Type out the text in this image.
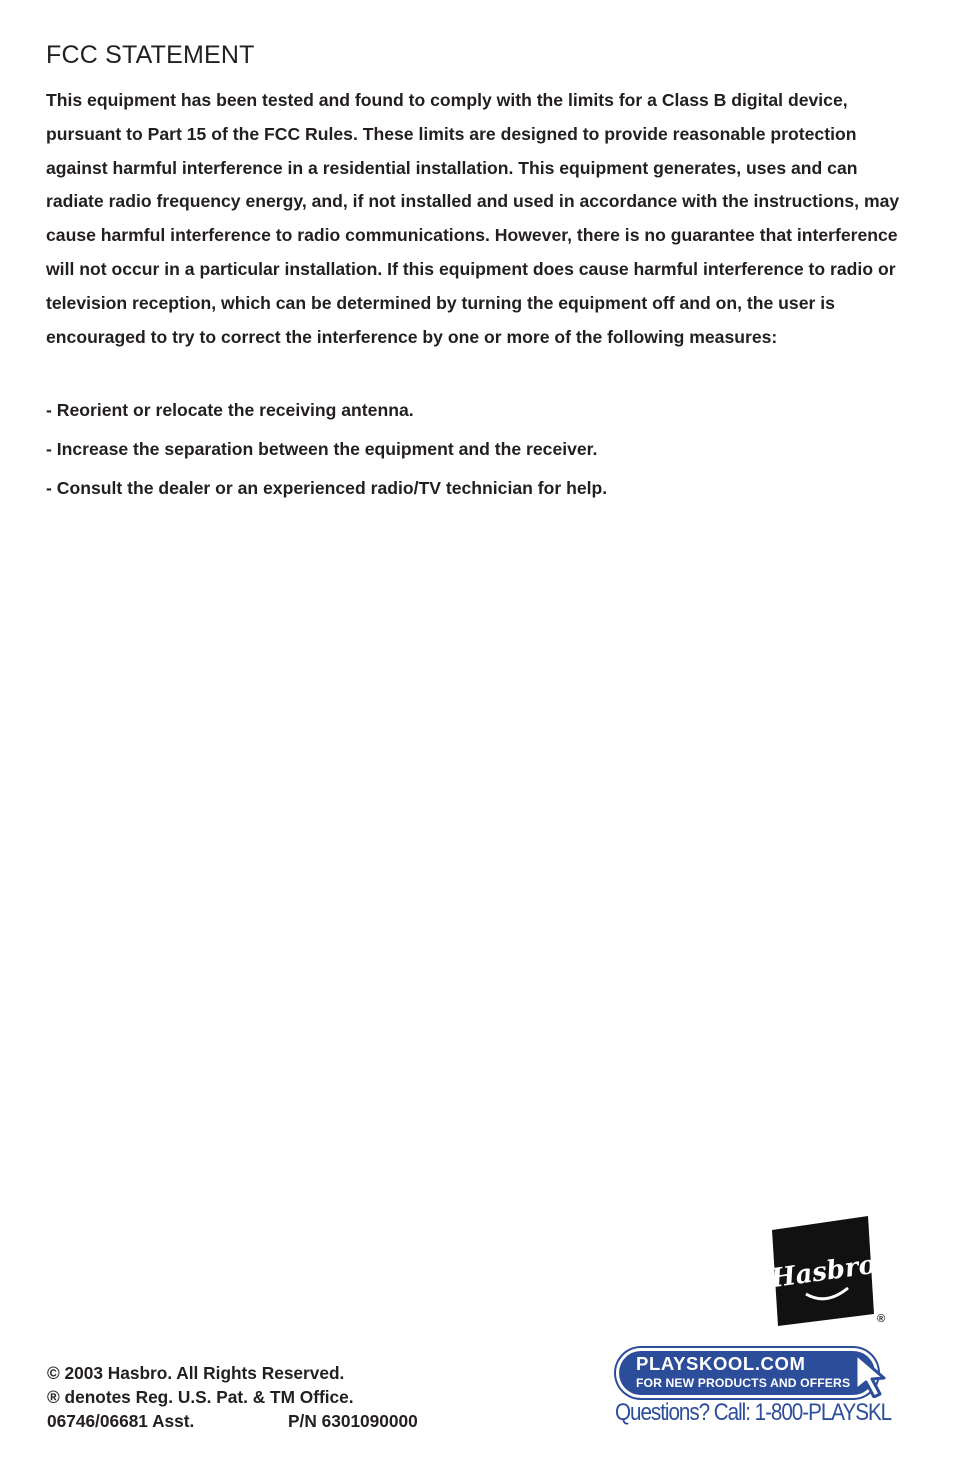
FCC STATEMENT

This equipment has been tested and found to comply with the limits for a Class B digital device, pursuant to Part 15 of the FCC Rules. These limits are designed to provide reasonable protection against harmful interference in a residential installation. This equipment generates, uses and can radiate radio frequency energy, and, if not installed and used in accordance with the instructions, may cause harmful interference to radio communications. However, there is no guarantee that interference will not occur in a particular installation. If this equipment does cause harmful interference to radio or television reception, which can be determined by turning the equipment off and on, the user is encouraged to try to correct the interference by one or more of the following measures:

- Reorient or relocate the receiving antenna.
- Increase the separation between the equipment and the receiver.
- Consult the dealer or an experienced radio/TV technician for help.
© 2003 Hasbro. All Rights Reserved.
® denotes Reg. U.S. Pat. & TM Office.
06746/06681 Asst.	P/N 6301090000
Hasbro
®
PLAYSKOOL.COM
FOR NEW PRODUCTS AND OFFERS
Questions? Call: 1-800-PLAYSKL
